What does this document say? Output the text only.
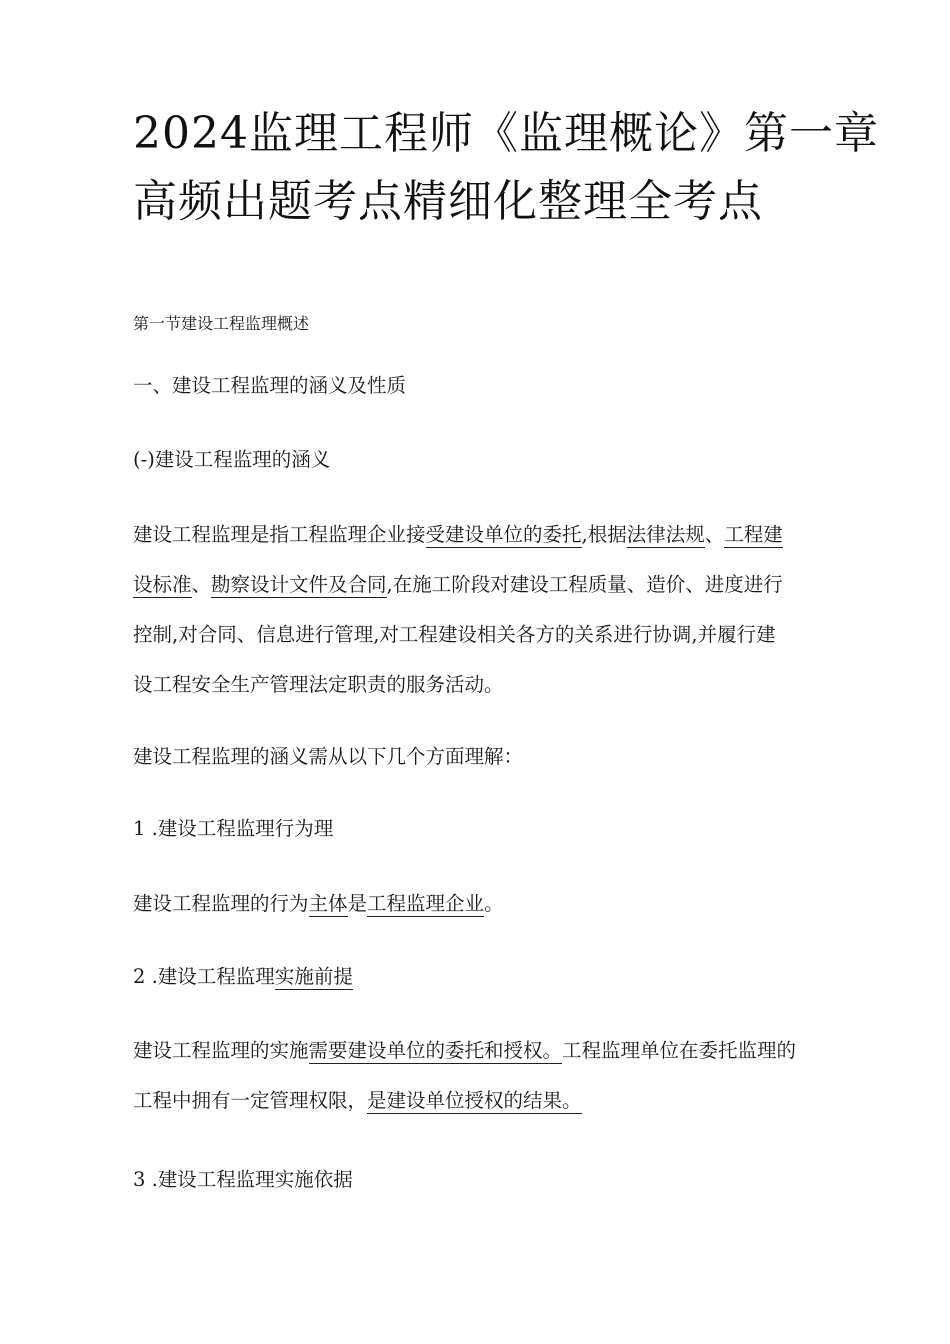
2024监理工程师《监理概论》第一章
高频出题考点精细化整理全考点

第一节建设工程监理概述

一、建设工程监理的涵义及性质

(-)建设工程监理的涵义

建设工程监理是指工程监理企业接受建设单位的委托,根据法律法规、工程建
设标准、勘察设计文件及合同,在施工阶段对建设工程质量、造价、进度进行
控制,对合同、信息进行管理,对工程建设相关各方的关系进行协调,并履行建
设工程安全生产管理法定职责的服务活动。

建设工程监理的涵义需从以下几个方面理解：

1 .建设工程监理行为理

建设工程监理的行为主体是工程监理企业。

2 .建设工程监理实施前提

建设工程监理的实施需要建设单位的委托和授权。工程监理单位在委托监理的
工程中拥有一定管理权限，是建设单位授权的结果。

3 .建设工程监理实施依据
